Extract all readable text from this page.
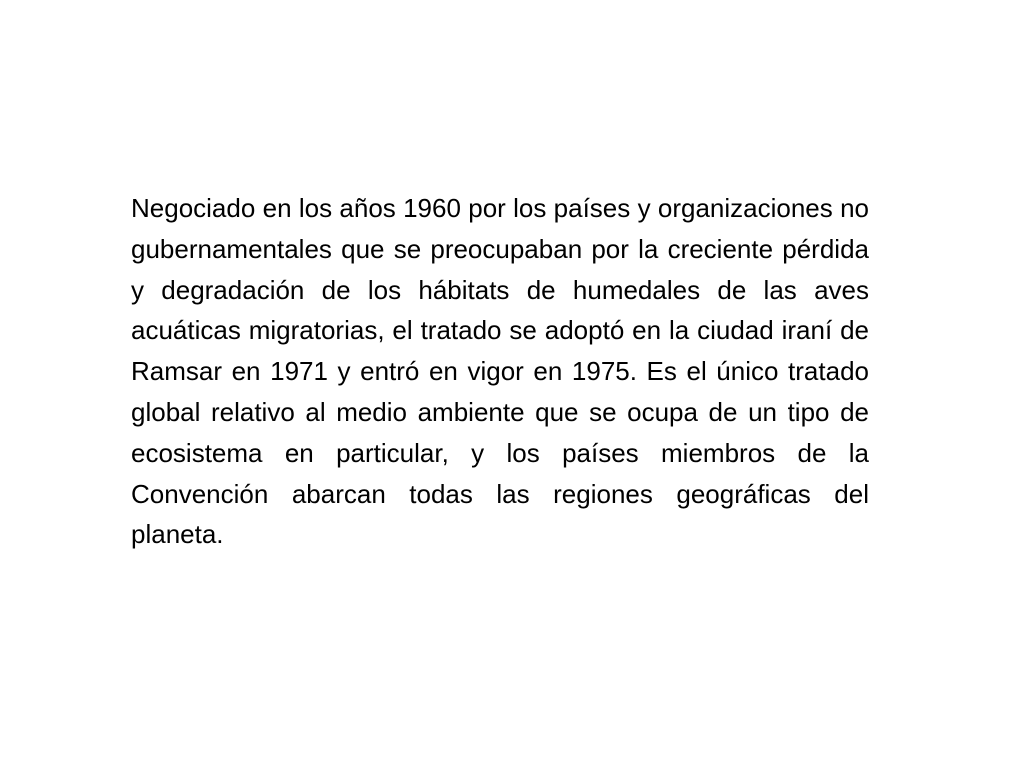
Negociado en los años 1960 por los países y organizaciones no gubernamentales que se preocupaban por la creciente pérdida y degradación de los hábitats de humedales de las aves acuáticas migratorias, el tratado se adoptó en la ciudad iraní de Ramsar en 1971 y entró en vigor en 1975. Es el único tratado global relativo al medio ambiente que se ocupa de un tipo de ecosistema en particular, y los países miembros de la Convención abarcan todas las regiones geográficas del planeta.
